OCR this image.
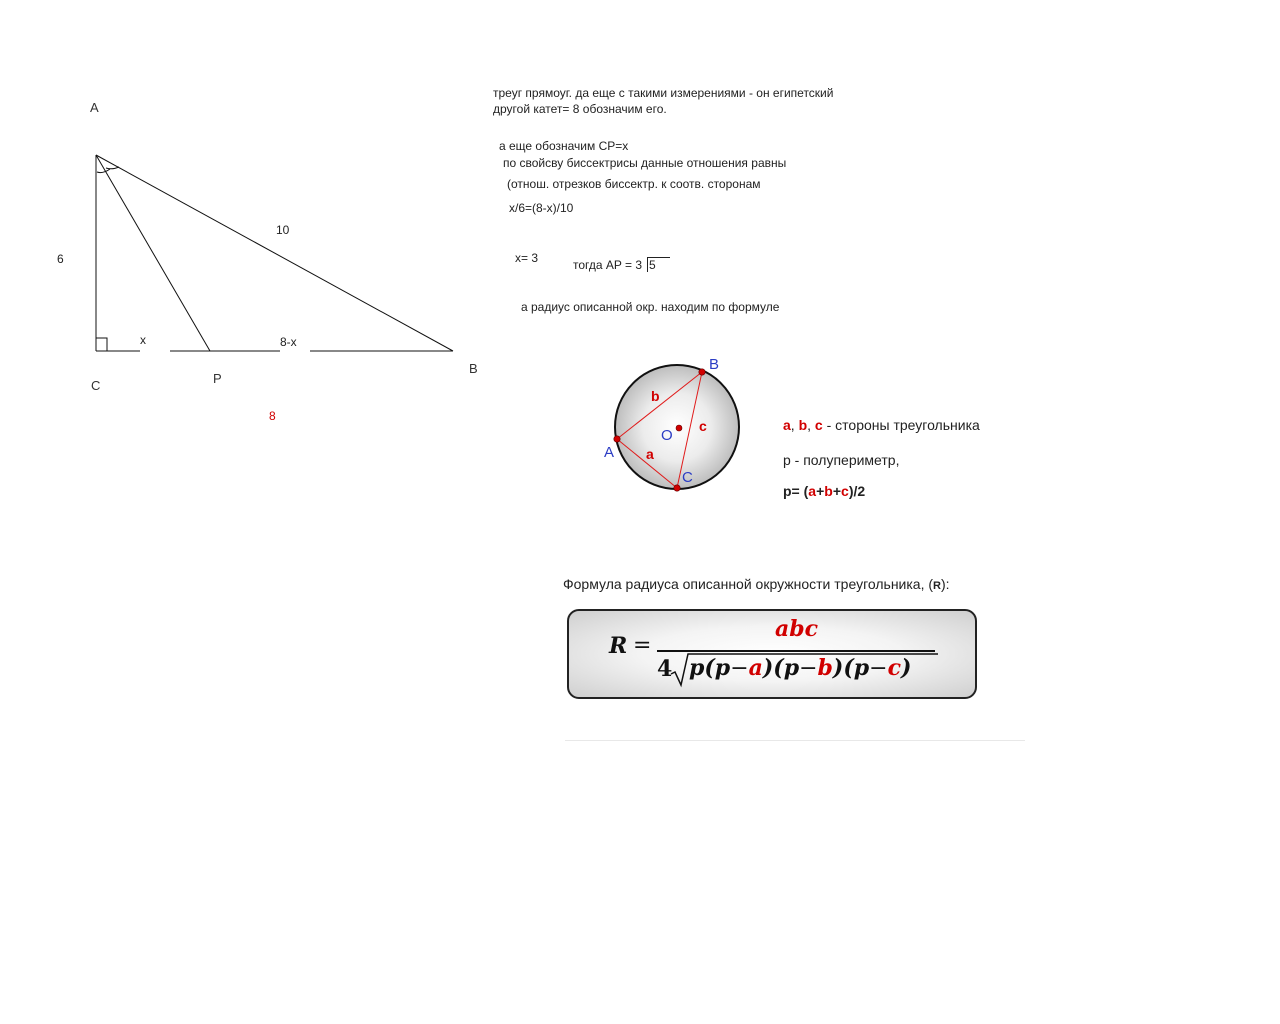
A
B
C	P
6
10
x	8-x
8
треуг прямоуг. да еще с такими измерениями - он египетский
другой катет= 8 обозначим его.
а еще обозначим CP=x
по свойсву биссектрисы данные отношения равны
(отнош. отрезков биссектр. к соотв. сторонам
x/6=(8-x)/10
x= 3	тогда AP = 3 5
а радиус описанной окр. находим по формуле
A
B
C
O
a
b
c	a, b, c - стороны треугольника
p - полупериметр,
p= (a+b+c)/2
Формула радиуса описанной окружности треугольника, (R):
R =
abc
4 p(p−a)(p−b)(p−c)
